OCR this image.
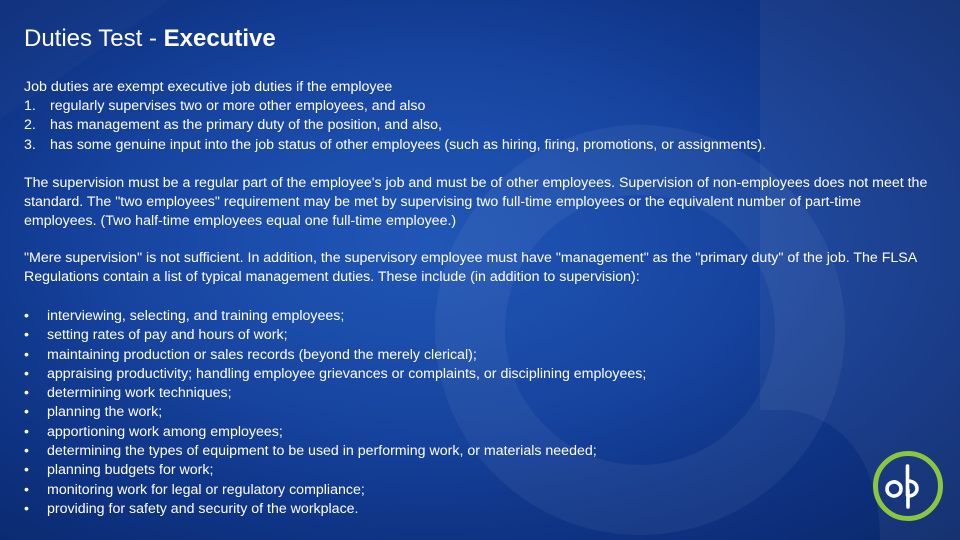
Duties Test - Executive
Job duties are exempt executive job duties if the employee
1. regularly supervises two or more other employees, and also
2. has management as the primary duty of the position, and also,
3. has some genuine input into the job status of other employees (such as hiring, firing, promotions, or assignments).
The supervision must be a regular part of the employee's job and must be of other employees. Supervision of non-employees does not meet the standard. The "two employees" requirement may be met by supervising two full-time employees or the equivalent number of part-time employees. (Two half-time employees equal one full-time employee.)
"Mere supervision" is not sufficient. In addition, the supervisory employee must have "management" as the "primary duty" of the job. The FLSA Regulations contain a list of typical management duties. These include (in addition to supervision):
• interviewing, selecting, and training employees;
• setting rates of pay and hours of work;
• maintaining production or sales records (beyond the merely clerical);
• appraising productivity; handling employee grievances or complaints, or disciplining employees;
• determining work techniques;
• planning the work;
• apportioning work among employees;
• determining the types of equipment to be used in performing work, or materials needed;
• planning budgets for work;
• monitoring work for legal or regulatory compliance;
• providing for safety and security of the workplace.
